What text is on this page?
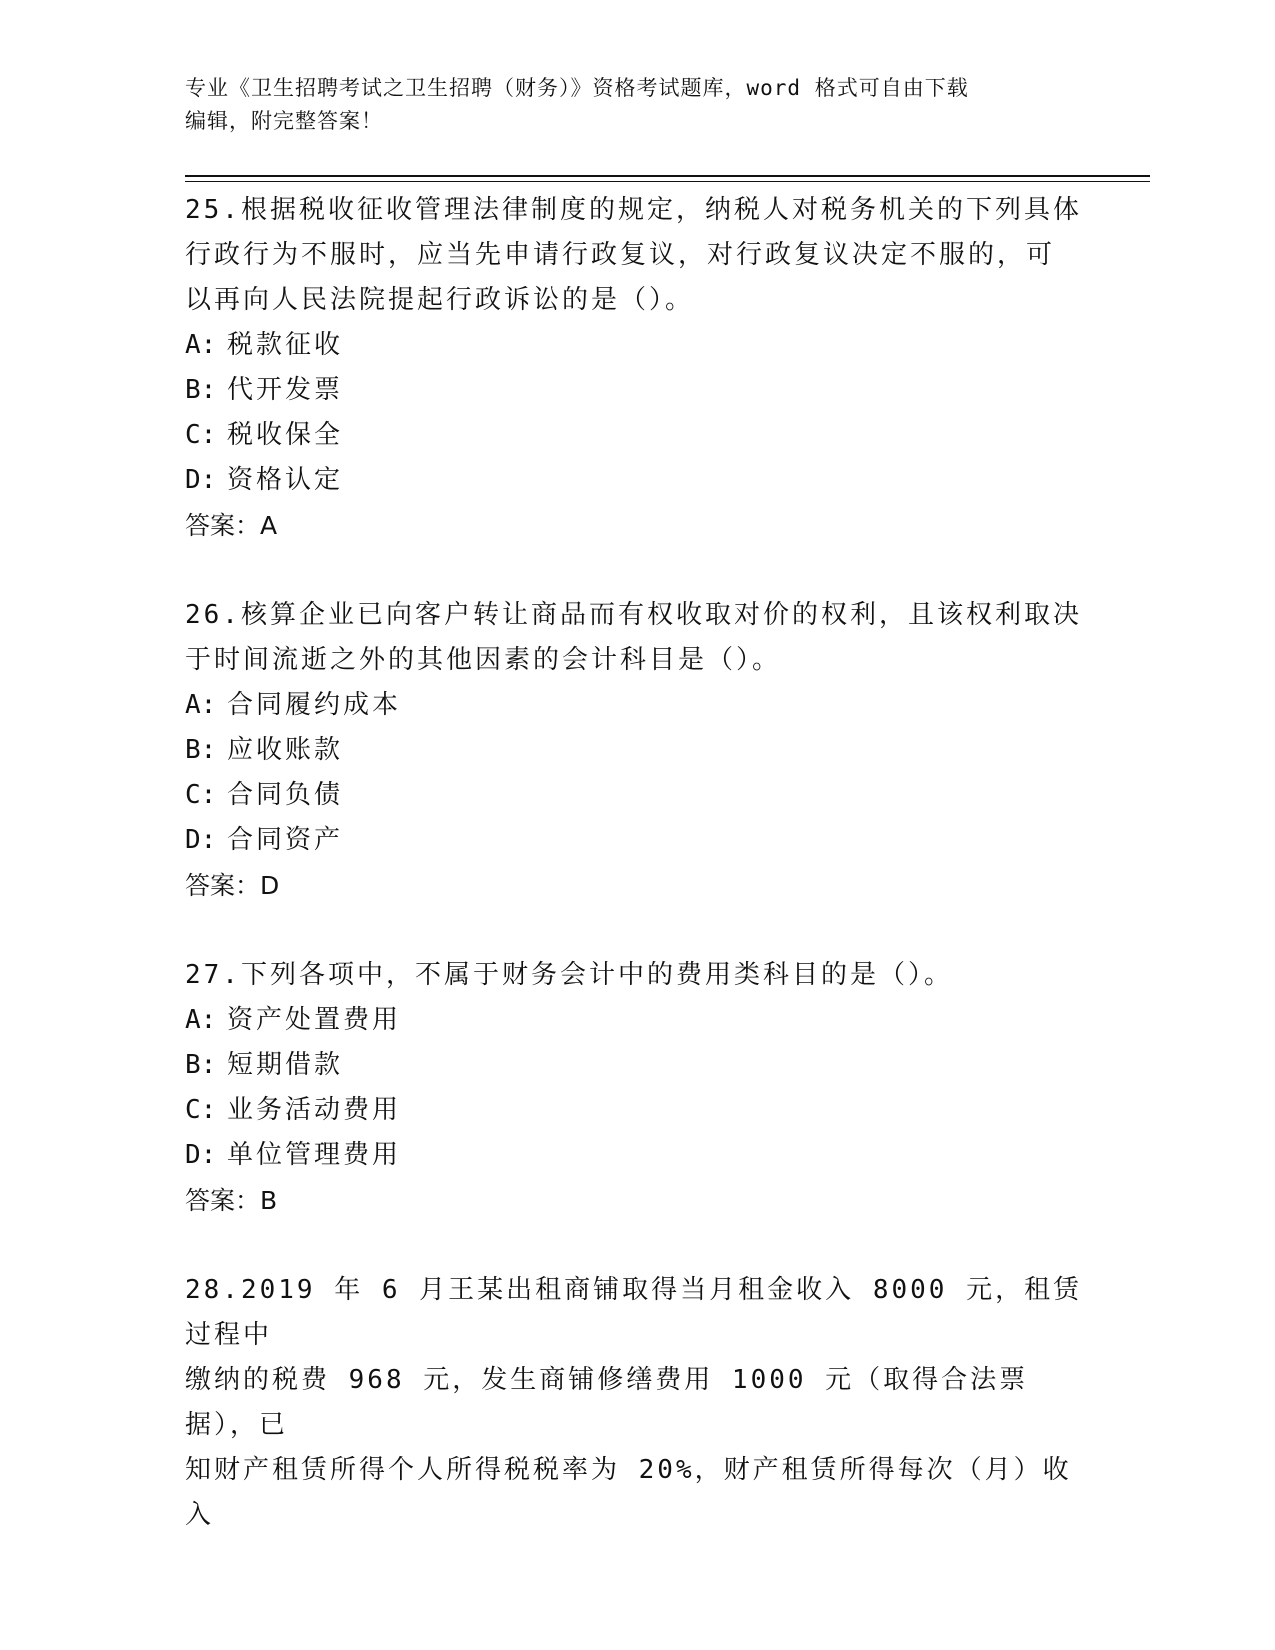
专业《卫生招聘考试之卫生招聘（财务）》资格考试题库，word 格式可自由下载
编辑，附完整答案！
25.根据税收征收管理法律制度的规定，纳税人对税务机关的下列具体
行政行为不服时，应当先申请行政复议，对行政复议决定不服的，可
以再向人民法院提起行政诉讼的是（）。
A: 税款征收
B: 代开发票
C: 税收保全
D: 资格认定
答案：A
26.核算企业已向客户转让商品而有权收取对价的权利，且该权利取决
于时间流逝之外的其他因素的会计科目是（）。
A: 合同履约成本
B: 应收账款
C: 合同负债
D: 合同资产
答案：D
27.下列各项中，不属于财务会计中的费用类科目的是（）。
A: 资产处置费用
B: 短期借款
C: 业务活动费用
D: 单位管理费用
答案：B
28.2019 年 6 月王某出租商铺取得当月租金收入 8000 元，租赁过程中
缴纳的税费 968 元，发生商铺修缮费用 1000 元（取得合法票据），已
知财产租赁所得个人所得税税率为 20%，财产租赁所得每次（月）收入
